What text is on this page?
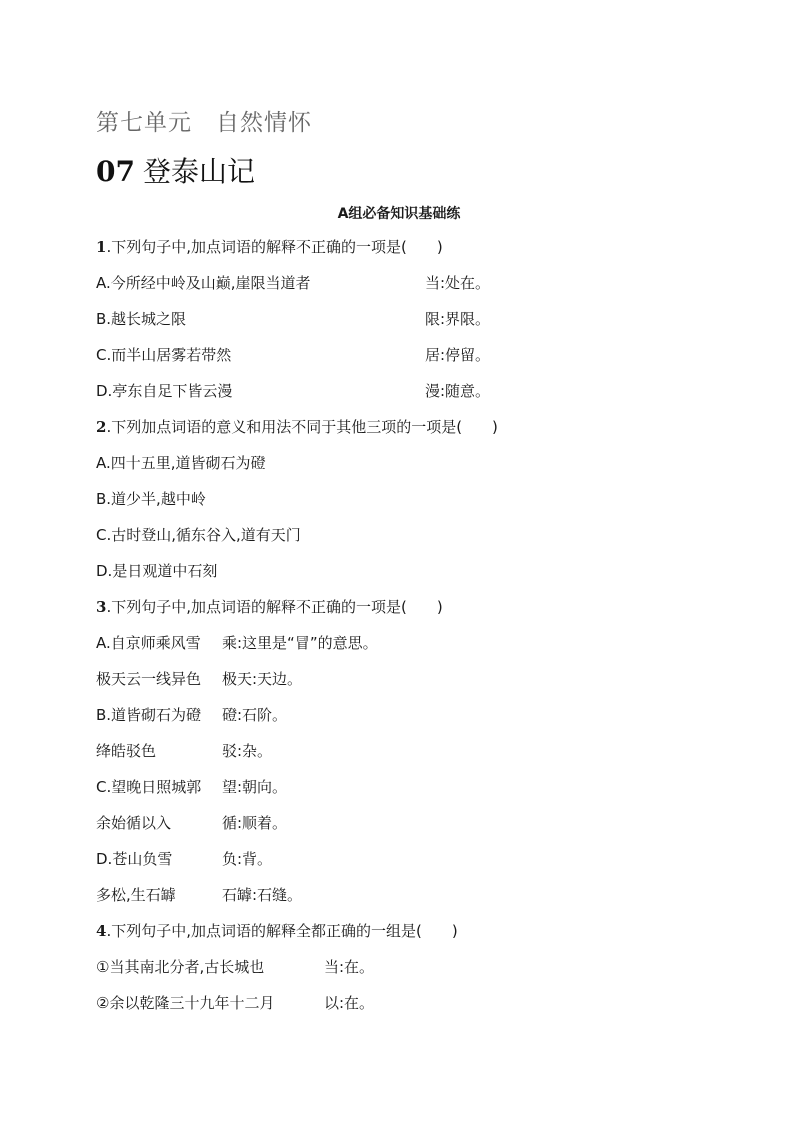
第七单元　自然情怀
07 登泰山记
A组必备知识基础练
1.下列句子中,加点词语的解释不正确的一项是(　　)
A.今所经中岭及山巅,崖限当道者	当:处在。
B.越长城之限	限:界限。
C.而半山居雾若带然	居:停留。
D.亭东自足下皆云漫	漫:随意。
2.下列加点词语的意义和用法不同于其他三项的一项是(　　)
A.四十五里,道皆砌石为磴
B.道少半,越中岭
C.古时登山,循东谷入,道有天门
D.是日观道中石刻
3.下列句子中,加点词语的解释不正确的一项是(　　)
A.自京师乘风雪 乘:这里是“冒”的意思。
极天云一线异色 极天:天边。
B.道皆砌石为磴 磴:石阶。
绛皓驳色	驳:杂。
C.望晚日照城郭 望:朝向。
余始循以入	循:顺着。
D.苍山负雪	负:背。
多松,生石罅	石罅:石缝。
4.下列句子中,加点词语的解释全都正确的一组是(　　)
①当其南北分者,古长城也	当:在。
②余以乾隆三十九年十二月	以:在。
